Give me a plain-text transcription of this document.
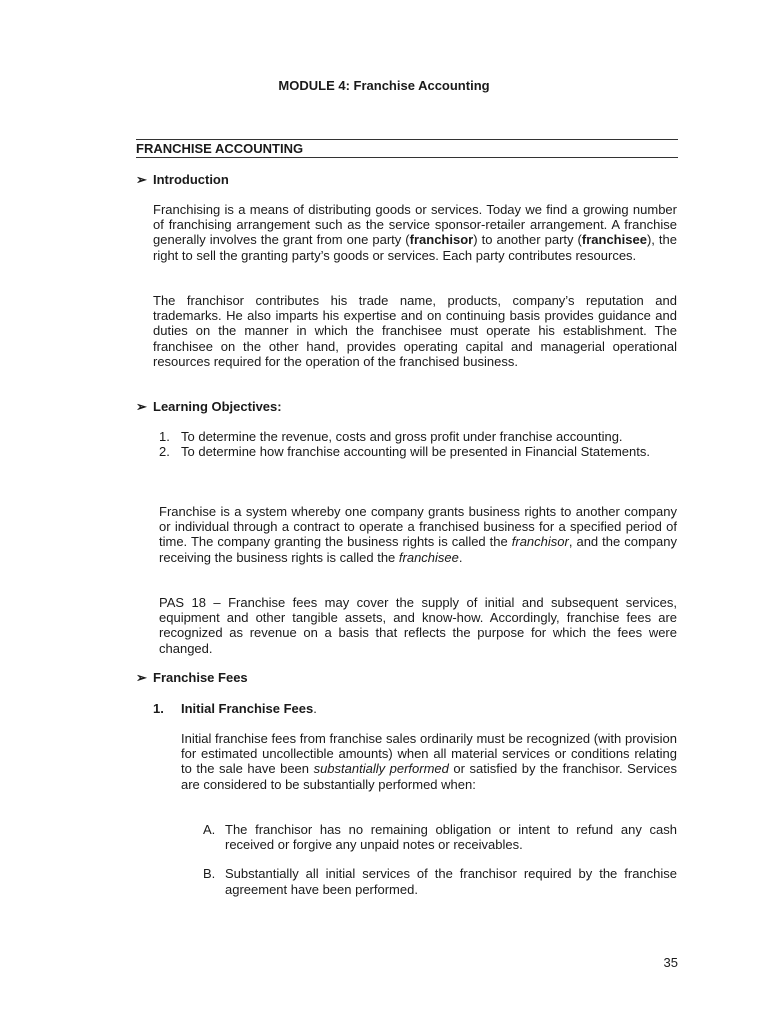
MODULE 4: Franchise Accounting
FRANCHISE ACCOUNTING
➢ Introduction

Franchising is a means of distributing goods or services. Today we find a growing number of franchising arrangement such as the service sponsor-retailer arrangement. A franchise generally involves the grant from one party (franchisor) to another party (franchisee), the right to sell the granting party’s goods or services. Each party contributes resources.

The franchisor contributes his trade name, products, company’s reputation and trademarks. He also imparts his expertise and on continuing basis provides guidance and duties on the manner in which the franchisee must operate his establishment. The franchisee on the other hand, provides operating capital and managerial operational resources required for the operation of the franchised business.

➢ Learning Objectives:
1. To determine the revenue, costs and gross profit under franchise accounting.
2. To determine how franchise accounting will be presented in Financial Statements.

Franchise is a system whereby one company grants business rights to another company or individual through a contract to operate a franchised business for a specified period of time. The company granting the business rights is called the franchisor, and the company receiving the business rights is called the franchisee.

PAS 18 – Franchise fees may cover the supply of initial and subsequent services, equipment and other tangible assets, and know-how. Accordingly, franchise fees are recognized as revenue on a basis that reflects the purpose for which the fees were changed.

➢ Franchise Fees
1. Initial Franchise Fees.

Initial franchise fees from franchise sales ordinarily must be recognized (with provision for estimated uncollectible amounts) when all material services or conditions relating to the sale have been substantially performed or satisfied by the franchisor. Services are considered to be substantially performed when:

A. The franchisor has no remaining obligation or intent to refund any cash received or forgive any unpaid notes or receivables.
B. Substantially all initial services of the franchisor required by the franchise agreement have been performed.
35
